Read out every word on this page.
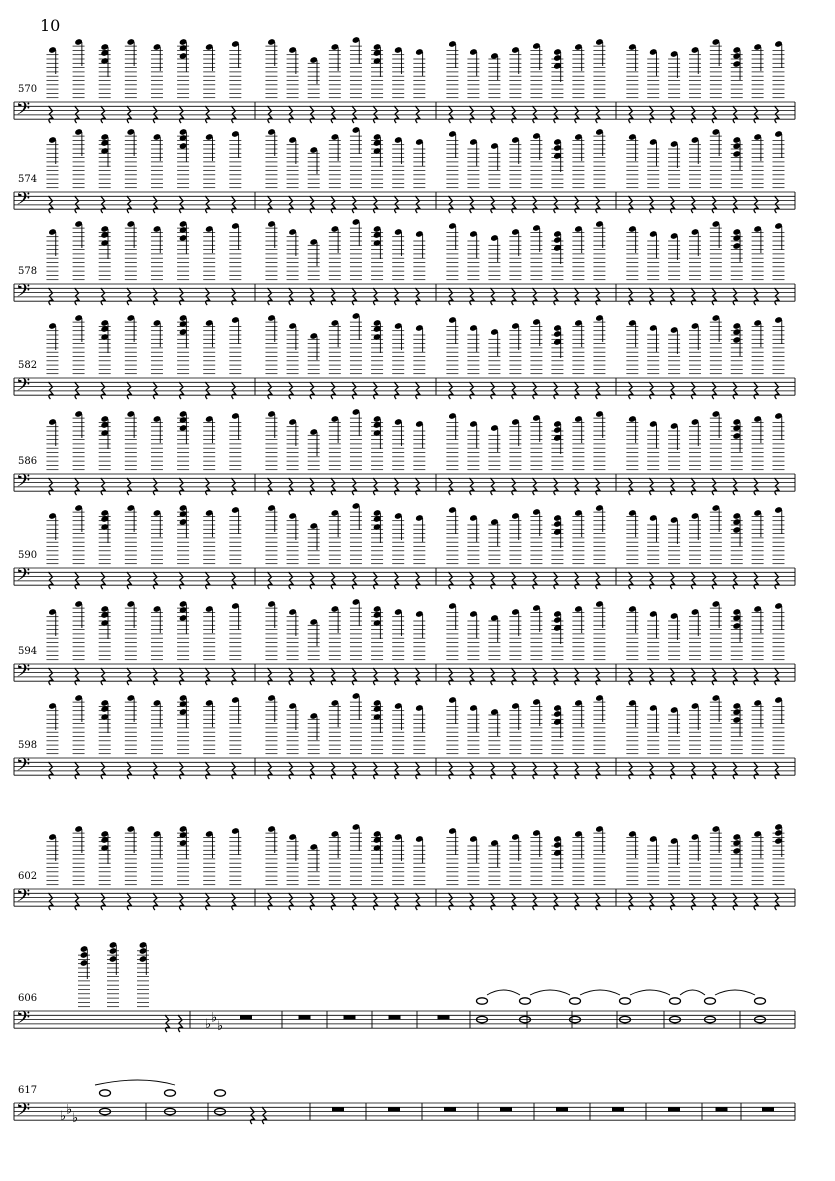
10
570
𝄢
574
𝄢
578
𝄢
582
𝄢
586
𝄢
590
𝄢
594
𝄢
598
𝄢
602
𝄢
606
𝄢	♭ ♭
♭
617
𝄢 ♭ ♭
♭
